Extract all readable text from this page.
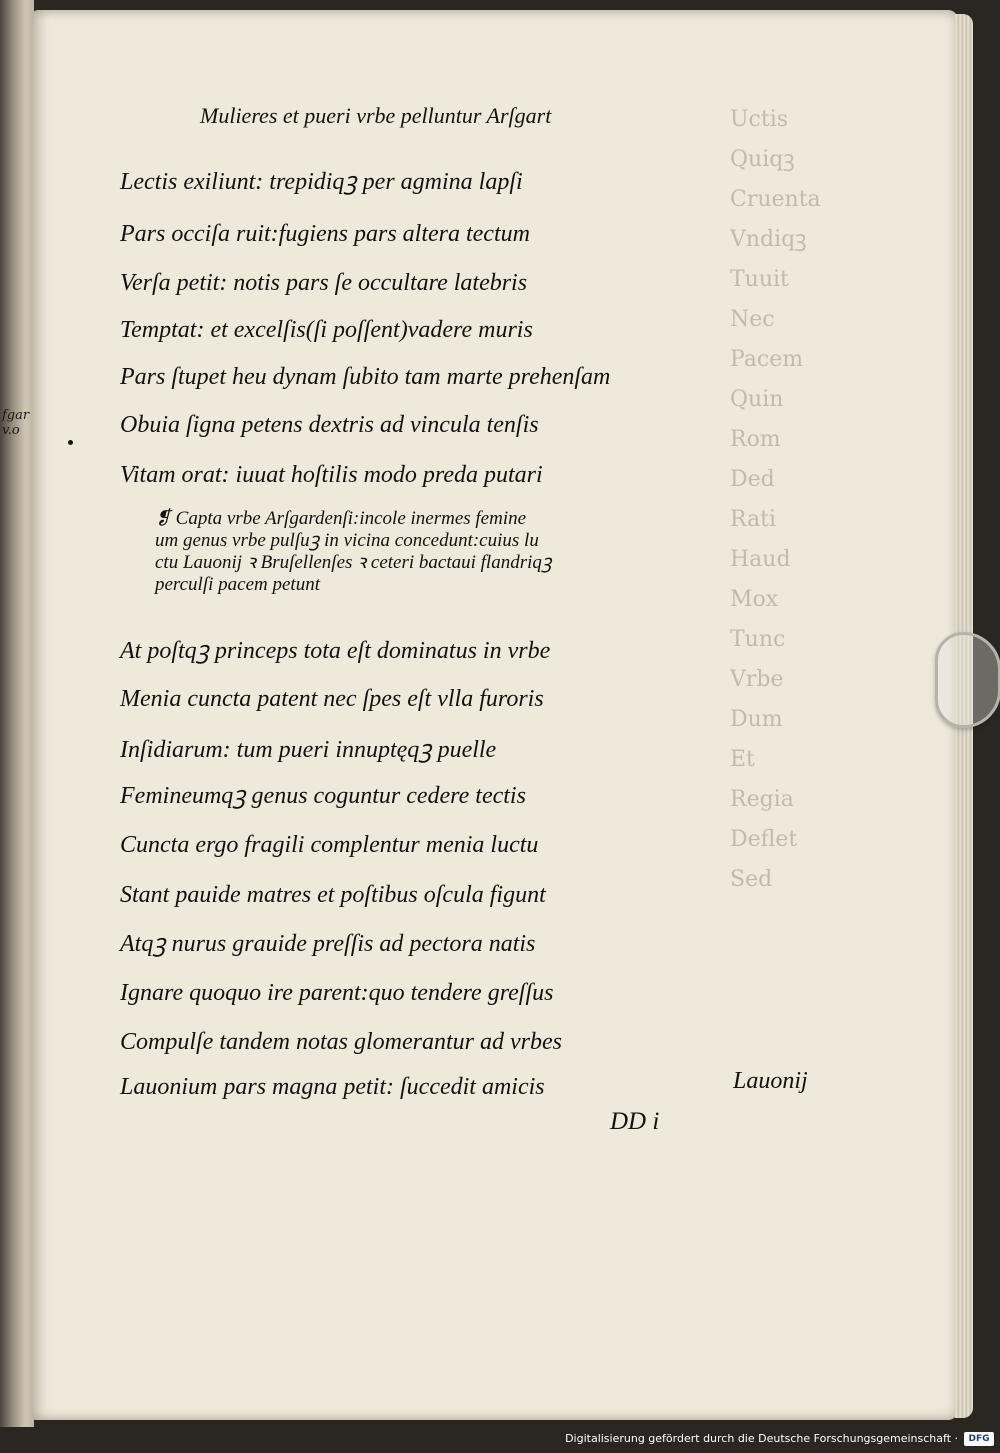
fgar
v.o
Uctis
Quiqꝫ
Cruenta
Vndiqꝫ
Tuuit
Nec
Pacem
Quin
Rom
Ded
Rati
Haud
Mox
Tunc
Vrbe
Dum
Et
Regia
Deflet
Sed
Mulieres et pueri vrbe pelluntur Arſgart
Lectis exiliunt: trepidiqꝫ per agmina lapſi
Pars occiſa ruit:fugiens pars altera tectum
Verſa petit: notis pars ſe occultare latebris
Temptat: et excelſis(ſi poſſent)vadere muris
Pars ſtupet heu dynam ſubito tam marte prehenſam
Obuia ſigna petens dextris ad vincula tenſis
Vitam orat: iuuat hoſtilis modo preda putari
❡ Capta vrbe Arſgardenſi:incole inermes femine
um genus vrbe pulſuꝫ in vicina concedunt:cuius lu
ctu Lauonij ꝛ Bruſellenſes ꝛ ceteri bactaui flandriqꝫ
perculſi pacem petunt
At poſtqꝫ princeps tota eſt dominatus in vrbe
Menia cuncta patent nec ſpes eſt vlla furoris
Inſidiarum: tum pueri innuptęqꝫ puelle
Femineumqꝫ genus coguntur cedere tectis
Cuncta ergo fragili complentur menia luctu
Stant pauide matres et poſtibus oſcula figunt
Atqꝫ nurus grauide preſſis ad pectora natis
Ignare quoquo ire parent:quo tendere greſſus
Compulſe tandem notas glomerantur ad vrbes
Lauonium pars magna petit: ſuccedit amicis	Lauonij
DD i
Digitalisierung gefördert durch die Deutsche Forschungsgemeinschaft ·	DFG
